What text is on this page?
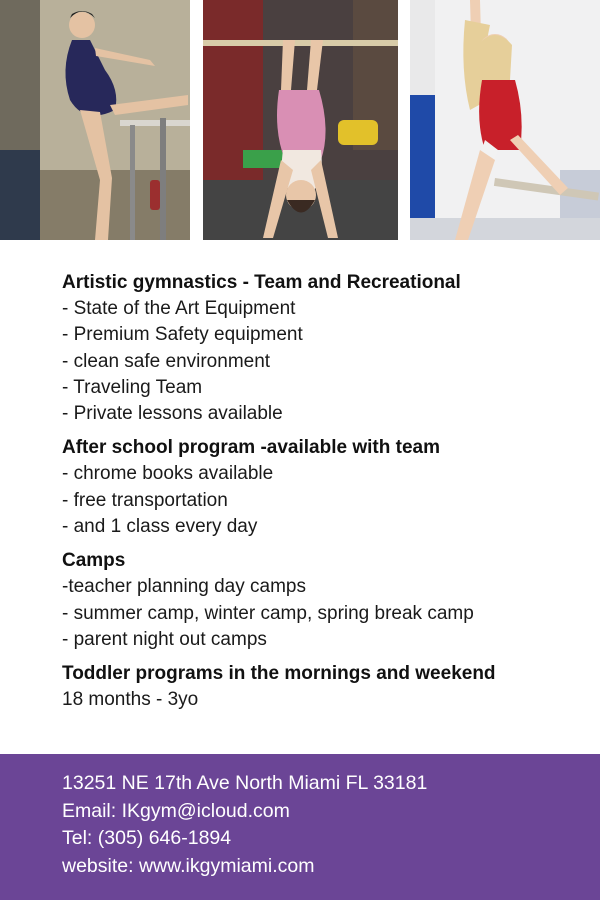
Artistic gymnastics - Team and Recreational
- State of the Art Equipment
- Premium Safety equipment
- clean safe environment
- Traveling Team
- Private lessons available
After school program -available with team
- chrome books available
- free transportation
- and 1 class every day
Camps
-teacher planning day camps
- summer camp, winter camp, spring break camp
- parent night out camps
Toddler programs in the mornings and weekend
18 months - 3yo
13251 NE 17th Ave North Miami FL 33181
Email: IKgym@icloud.com
Tel: (305) 646-1894
website: www.ikgymiami.com
